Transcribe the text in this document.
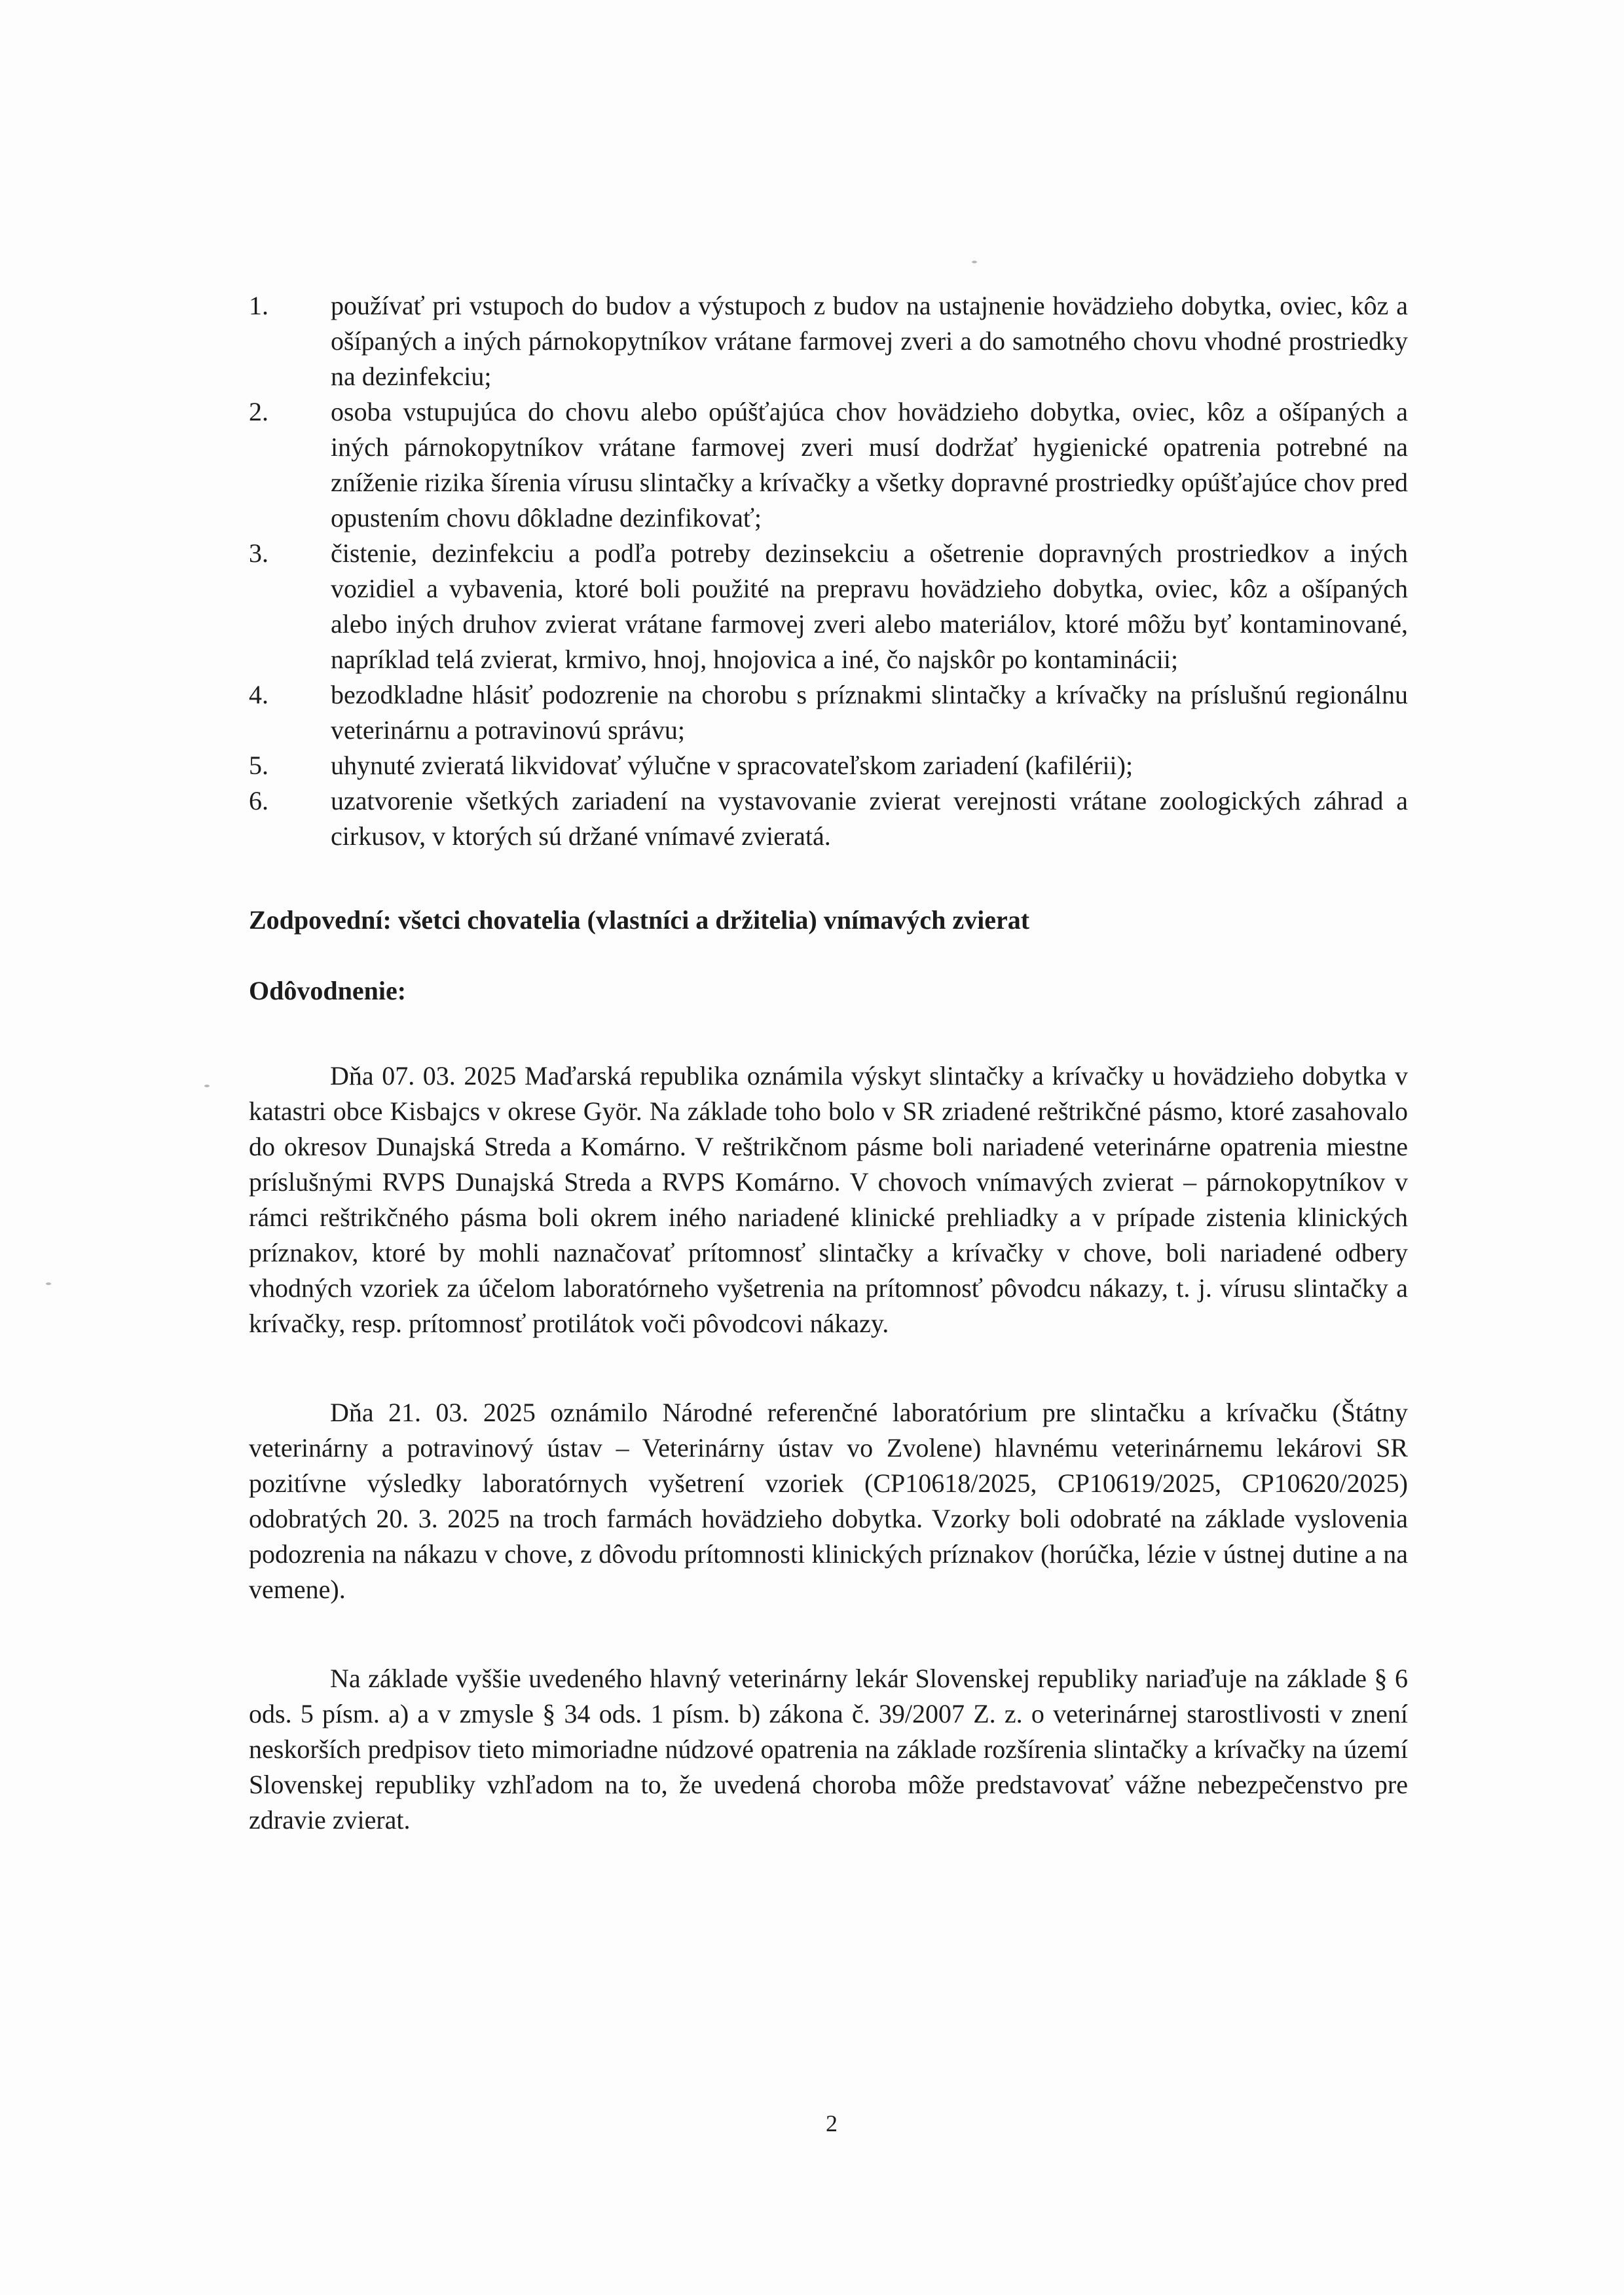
1.	používať pri vstupoch do budov a výstupoch z budov na ustajnenie hovädzieho dobytka, oviec, kôz a ošípaných a iných párnokopytníkov vrátane farmovej zveri a do samotného chovu vhodné prostriedky na dezinfekciu;
2.	osoba vstupujúca do chovu alebo opúšťajúca chov hovädzieho dobytka, oviec, kôz a ošípaných a iných párnokopytníkov vrátane farmovej zveri musí dodržať hygienické opatrenia potrebné na zníženie rizika šírenia vírusu slintačky a krívačky a všetky dopravné prostriedky opúšťajúce chov pred opustením chovu dôkladne dezinfikovať;
3.	čistenie, dezinfekciu a podľa potreby dezinsekciu a ošetrenie dopravných prostriedkov a iných vozidiel a vybavenia, ktoré boli použité na prepravu hovädzieho dobytka, oviec, kôz a ošípaných alebo iných druhov zvierat vrátane farmovej zveri alebo materiálov, ktoré môžu byť kontaminované, napríklad telá zvierat, krmivo, hnoj, hnojovica a iné, čo najskôr po kontaminácii;
4.	bezodkladne hlásiť podozrenie na chorobu s príznakmi slintačky a krívačky na príslušnú regionálnu veterinárnu a potravinovú správu;
5.	uhynuté zvieratá likvidovať výlučne v spracovateľskom zariadení (kafilérii);
6.	uzatvorenie všetkých zariadení na vystavovanie zvierat verejnosti vrátane zoologických záhrad a cirkusov, v ktorých sú držané vnímavé zvieratá.

Zodpovední: všetci chovatelia (vlastníci a držitelia) vnímavých zvierat

Odôvodnenie:

Dňa 07. 03. 2025 Maďarská republika oznámila výskyt slintačky a krívačky u hovädzieho dobytka v katastri obce Kisbajcs v okrese Györ. Na základe toho bolo v SR zriadené reštrikčné pásmo, ktoré zasahovalo do okresov Dunajská Streda a Komárno. V reštrikčnom pásme boli nariadené veterinárne opatrenia miestne príslušnými RVPS Dunajská Streda a RVPS Komárno. V chovoch vnímavých zvierat – párnokopytníkov v rámci reštrikčného pásma boli okrem iného nariadené klinické prehliadky a v prípade zistenia klinických príznakov, ktoré by mohli naznačovať prítomnosť slintačky a krívačky v chove, boli nariadené odbery vhodných vzoriek za účelom laboratórneho vyšetrenia na prítomnosť pôvodcu nákazy, t. j. vírusu slintačky a krívačky, resp. prítomnosť protilátok voči pôvodcovi nákazy.

Dňa 21. 03. 2025 oznámilo Národné referenčné laboratórium pre slintačku a krívačku (Štátny veterinárny a potravinový ústav – Veterinárny ústav vo Zvolene) hlavnému veterinárnemu lekárovi SR pozitívne výsledky laboratórnych vyšetrení vzoriek (CP10618/2025, CP10619/2025, CP10620/2025) odobratých 20. 3. 2025 na troch farmách hovädzieho dobytka. Vzorky boli odobraté na základe vyslovenia podozrenia na nákazu v chove, z dôvodu prítomnosti klinických príznakov (horúčka, lézie v ústnej dutine a na vemene).

Na základe vyššie uvedeného hlavný veterinárny lekár Slovenskej republiky nariaďuje na základe § 6 ods. 5 písm. a) a v zmysle § 34 ods. 1 písm. b) zákona č. 39/2007 Z. z. o veterinárnej starostlivosti v znení neskorších predpisov tieto mimoriadne núdzové opatrenia na základe rozšírenia slintačky a krívačky na území Slovenskej republiky vzhľadom na to, že uvedená choroba môže predstavovať vážne nebezpečenstvo pre zdravie zvierat.

2
